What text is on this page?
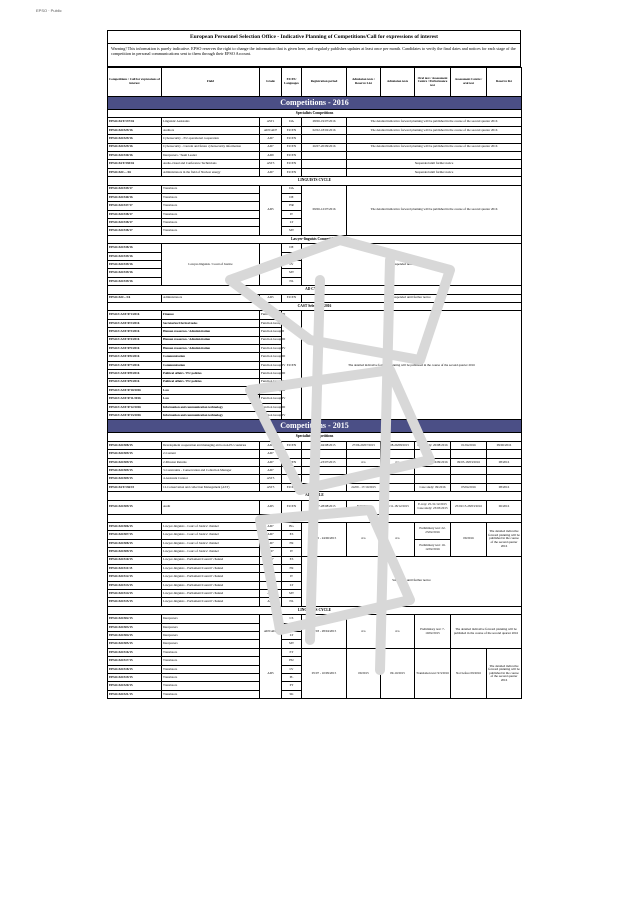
EPSO · Public
European Personnel Selection Office - Indicative Planning of Competitions/Call for expressions of interest
Warning! This information is purely indicative. EPSO reserves the right to change the information that is given here, and regularly publishes updates at least once per month. Candidates to verify the final dates and notices for each stage of the competition in personal communications sent to them through their EPSO Account.
Competitions / Call for expressions of interest	Field	Grade	EU/EU Languages	Registration period	Admission tests / Reserve List	Admission tests	Oral test / Assessment Centre / Performance test	Assessment Centre / oral test	Reserve list
Competitions - 2016									
Specialists Competitions									
EPSO/AST/137/16	Linguistic Assistants	AST1	DA	28/06-19/07/2016	The detailed indicative forward planning will be published in the course of the second quarter 2016				
EPSO/AD/329/16	Auditors	AD5/AD7	EU/EN	02/02-18/02/2016	The detailed indicative forward planning will be published in the course of the second quarter 2016				
EPSO/AD/329/16	Cybersecurity - EU operational cooperation	AD7	EU/EN						
EPSO/AD/329/16	Cybersecurity - Current and future cybersecurity information	AD7	EU/EN	26/07-20/09/2016	The detailed indicative forward planning will be published in the course of the second quarter 2016				
EPSO/AD/330/16	Interpreters / Team Leader	AD9	EU/EN						
EPSO/AST/330/16	Audio-visual and Conference Technicians	AST3	EU/EN		Suspended until further notice				
EPSO/AD/..../16	Administrators in the field of Nuclear energy	AD7	EU/EN		Suspended until further notice				
LINGUISTS CYCLE									
EPSO/AD/339/17	Translators	AD5	DA	09/06-12/07/2016	The detailed indicative forward planning will be published in the course of the second quarter 2016				
EPSO/AD/340/16	Translators		DE						
EPSO/AD/337/17	Translators		HR						
EPSO/AD/338/17	Translators		IT						
EPSO/AD/338/17	Translators		LT						
EPSO/AD/338/17	Translators		MT						
Lawyer-linguists Competitions									
EPSO/AD/338/16	Lawyer-linguists / Court of Justice	AD7	DE	Suspended until further notice					
EPSO/AD/339/16			EN						
EPSO/AD/339/16			LV						
EPSO/AD/339/16			MT						
EPSO/AD/339/16			NL						
AD CYCLE									
EPSO/AD/.../16	Administrators	AD5	EU/EN	Suspended until further notice					
CAST Selections 2016									
EPSO/CAST/P/1/2016	Finance	Function Group III	EU/EN	The detailed indicative forward planning will be published in the course of the second quarter 2016					
EPSO/CAST/P/2/2016	Secretaries/Clerical tasks	Function Group II							
EPSO/CAST/P/3/2016	Human resources / Administration	Function Group II							
EPSO/CAST/P/4/2016	Human resources / Administration	Function Group III							
EPSO/CAST/P/5/2016	Human resources / Administration	Function Group IV							
EPSO/CAST/P/6/2016	Communication	Function Group III							
EPSO/CAST/P/7/2016	Communication	Function Group IV							
EPSO/CAST/P/8/2016	Political affairs / EU policies	Function Group III							
EPSO/CAST/P/9/2016	Political affairs / EU policies	Function Group IV							
EPSO/CAST/P/10/2016	Law	Function Group III							
EPSO/CAST/P/11/2016	Law	Function Group IV							
EPSO/CAST/P/12/2016	Information and communication technology	Function Group III							
EPSO/CAST/P/13/2016	Information and communication technology	Function Group IV							
Competitions - 2015									
Specialists Competitions									
EPSO/AD/308/15	Development cooperation and managing aid to non-EU countries	AD7	EU/EN	25/06-04/08/2015	27/06-29/07/2015	18/08-26/08/2015	Case study: 20/08/2016	01/04/2016	09/06/2016
EPSO/AD/309/15	2-Content	AD7							
EPSO/AD/309/15	2-Mission Returns	AD7	EU/EN	04/06-23/07/2015	n/a	n/a	Case study: 16/09/2016	09/03-18/03/2016	08/2016
EPSO/AD/309/15	3-Constraints - Conservation and Collection Manager	AD7							
EPSO/AD/309/15	4-Assistant Curator	AST5							
EPSO/AST/136/15	12-Conservation and collection Management (AST)	AST5	EU/EN	16/12/2015	24/09 - 17/10/2015		Case study: 09/2016	05/04/2016	08/2016
AD CYCLE									
EPSO/AD/309/15	Audit	AD5	EU/EN	28/07-28/08/2015	8/10/2015	09/11-18/12/2015	E-tray: 25-31/12/2015 Case study: 23/03/2015	25/02/15-28/03/2016	06/2016
Lawyer-linguists Competitions									
EPSO/AD/306/15	Lawyer-linguists - Court of Justice' channel	AD7	BG	23/05 - 24/06/2015	n/a	n/a	Preliminary test: 22-23/02/2016	09/2016	The detailed indicative forward planning will be published in the course of the second quarter 2016
EPSO/AD/307/15	Lawyer-linguists - Court of Justice' channel	AD7	ES						
EPSO/AD/308/15	Lawyer-linguists - Court of Justice' channel	AD7	FR				Preliminary test: 10-12/02/2016		
EPSO/AD/309/15	Lawyer-linguists - Court of Justice' channel	AD7	IT						
EPSO/AD/310/15	Lawyer-linguists - Parliament/Council' channel	AD7	ES	Suspended until further notice					
EPSO/AD/311/15	Lawyer-linguists - Parliament/Council' channel	AD7	FR						
EPSO/AD/312/15	Lawyer-linguists - Parliament/Council' channel	AD7	IT						
EPSO/AD/313/15	Lawyer-linguists - Parliament/Council' channel	AD7	LT						
EPSO/AD/314/15	Lawyer-linguists - Parliament/Council' channel	AD7	MT						
EPSO/AD/315/15	Lawyer-linguists - Parliament/Council' channel	AD7	NL						
LINGUISTS CYCLE									
EPSO/AD/302/15	Interpreters	AD5/AD7	CS	30/03 - 28/04/2015	n/a	n/a	Preliminary test: 7-10/02/2015	The detailed indicative forward planning will be published in the course of the second quarter 2016	
EPSO/AD/303/15	Interpreters		DA						
EPSO/AD/304/15	Interpreters		LT						
EPSO/AD/305/15	Interpreters		MT						
EPSO/AD/316/15	Translators	AD5	ET	05/07 - 10/09/2015	09/2015	09-10/2015	Translation test: 9/3/2016	Not before 09/2016	The detailed indicative forward planning will be published in the course of the second quarter 2016
EPSO/AD/317/15	Translators		HU						
EPSO/AD/318/15	Translators		LV						
EPSO/AD/319/15	Translators		PL						
EPSO/AD/320/15	Translators		PT						
EPSO/AD/321/15	Translators		SK						
